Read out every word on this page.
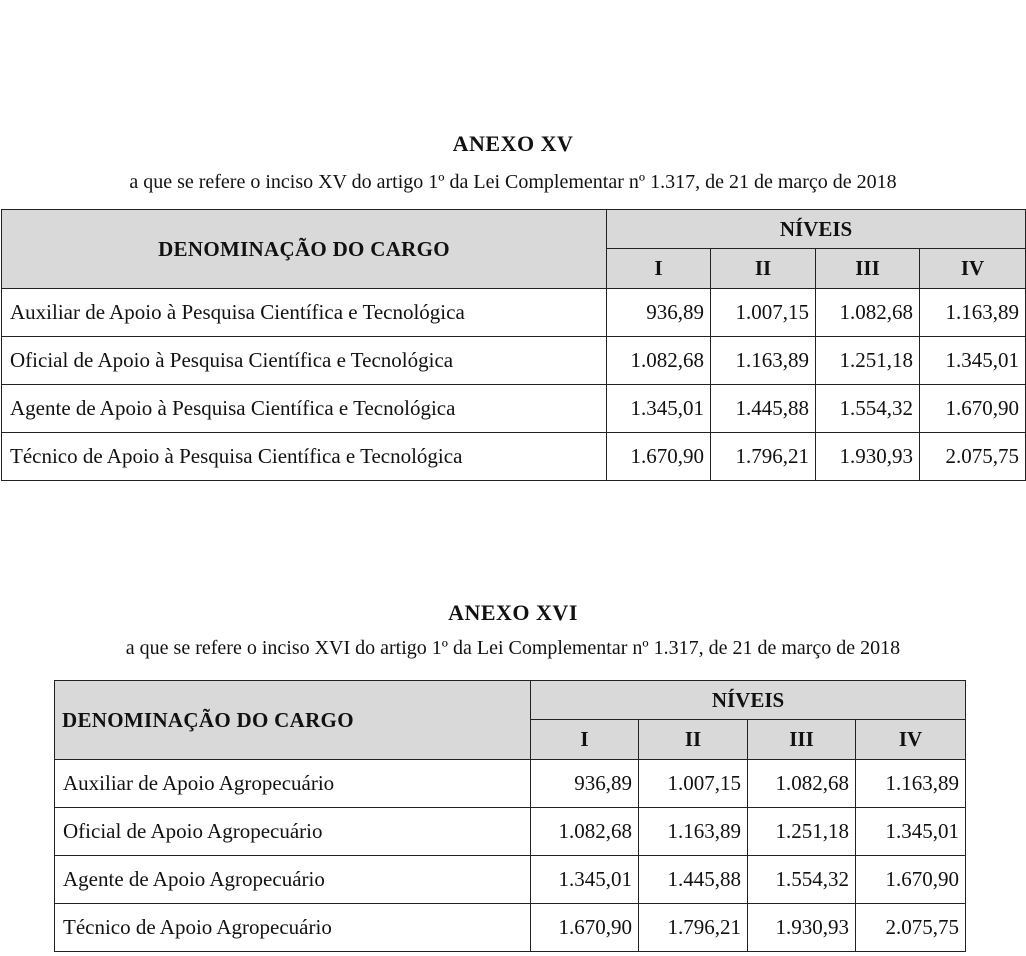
ANEXO XV
a que se refere o inciso XV do artigo 1º da Lei Complementar nº 1.317, de 21 de março de 2018
DENOMINAÇÃO DO CARGO	NÍVEIS			
	I	II	III	IV
Auxiliar de Apoio à Pesquisa Científica e Tecnológica	936,89	1.007,15	1.082,68	1.163,89
Oficial de Apoio à Pesquisa Científica e Tecnológica	1.082,68	1.163,89	1.251,18	1.345,01
Agente de Apoio à Pesquisa Científica e Tecnológica	1.345,01	1.445,88	1.554,32	1.670,90
Técnico de Apoio à Pesquisa Científica e Tecnológica	1.670,90	1.796,21	1.930,93	2.075,75
ANEXO XVI
a que se refere o inciso XVI do artigo 1º da Lei Complementar nº 1.317, de 21 de março de 2018
DENOMINAÇÃO DO CARGO	NÍVEIS			
	I	II	III	IV
Auxiliar de Apoio Agropecuário	936,89	1.007,15	1.082,68	1.163,89
Oficial de Apoio Agropecuário	1.082,68	1.163,89	1.251,18	1.345,01
Agente de Apoio Agropecuário	1.345,01	1.445,88	1.554,32	1.670,90
Técnico de Apoio Agropecuário	1.670,90	1.796,21	1.930,93	2.075,75
